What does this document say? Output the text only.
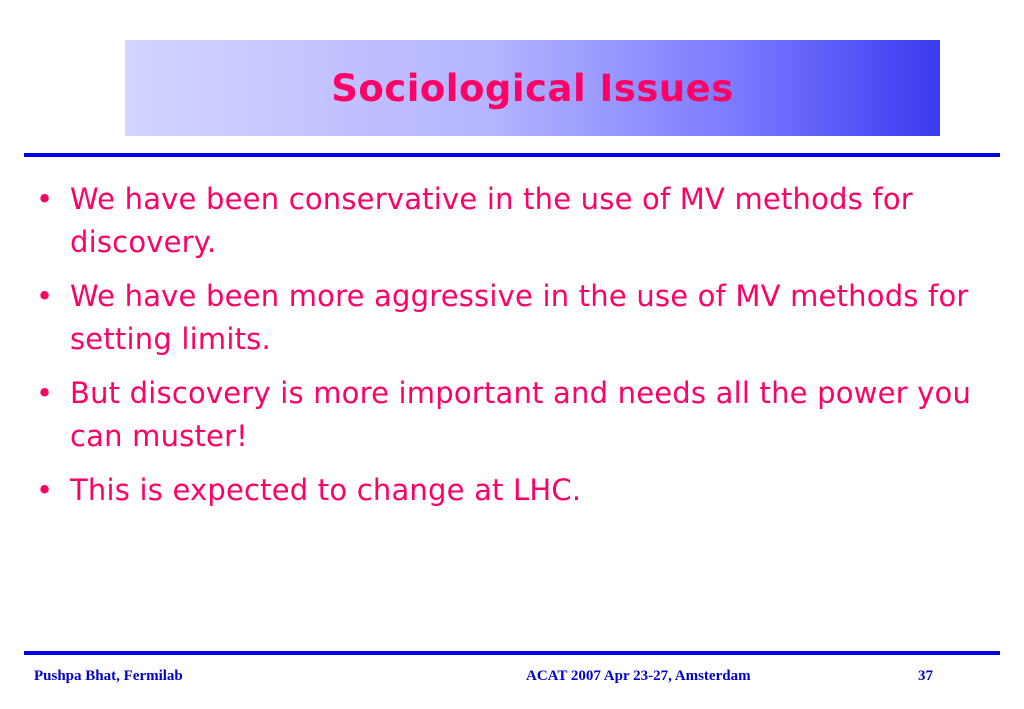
Sociological Issues
• We have been conservative in the use of MV methods for discovery.
• We have been more aggressive in the use of MV methods for setting limits.
• But discovery is more important and needs all the power you can muster!
• This is expected to change at LHC.
Pushpa Bhat, Fermilab	ACAT 2007 Apr 23-27, Amsterdam	37
